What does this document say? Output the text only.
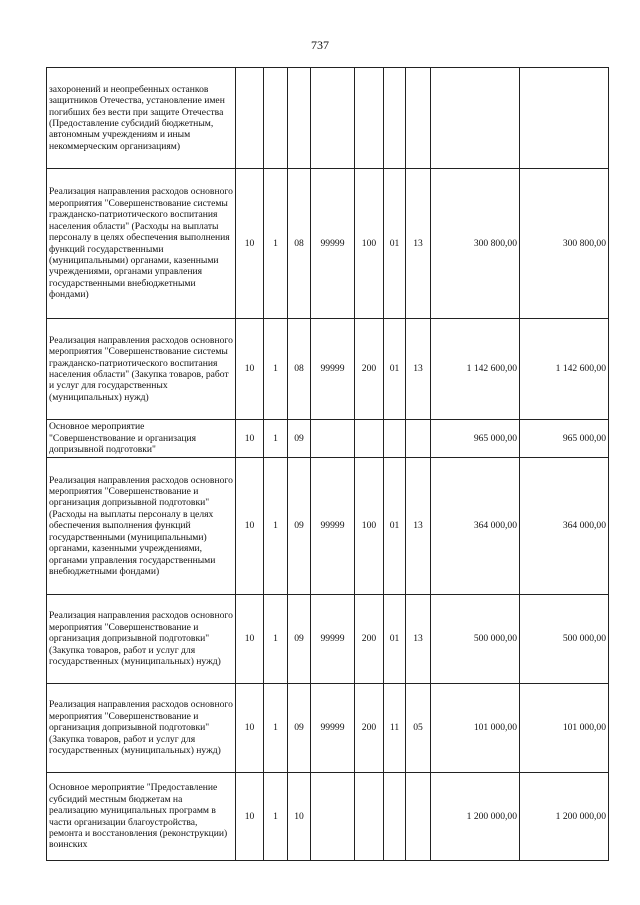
737
захоронений и неопребенных останков защитников Отечества, установление имен погибших без вести при защите Отечества (Предоставление субсидий бюджетным, автономным учреждениям и иным некоммерческим организациям)									
Реализация направления расходов основного мероприятия "Совершенствование системы гражданско-патриотического воспитания населения области" (Расходы на выплаты персоналу в целях обеспечения выполнения функций государственными (муниципальными) органами, казенными учреждениями, органами управления государственными внебюджетными фондами)	10	1	08	99999	100	01	13	300 800,00	300 800,00
Реализация направления расходов основного мероприятия "Совершенствование системы гражданско-патриотического воспитания населения области" (Закупка товаров, работ и услуг для государственных (муниципальных) нужд)	10	1	08	99999	200	01	13	1 142 600,00	1 142 600,00
Основное мероприятие "Совершенствование и организация допризывной подготовки"	10	1	09					965 000,00	965 000,00
Реализация направления расходов основного мероприятия "Совершенствование и организация допризывной подготовки" (Расходы на выплаты персоналу в целях обеспечения выполнения функций государственными (муниципальными) органами, казенными учреждениями, органами управления государственными внебюджетными фондами)	10	1	09	99999	100	01	13	364 000,00	364 000,00
Реализация направления расходов основного мероприятия "Совершенствование и организация допризывной подготовки" (Закупка товаров, работ и услуг для государственных (муниципальных) нужд)	10	1	09	99999	200	01	13	500 000,00	500 000,00
Реализация направления расходов основного мероприятия "Совершенствование и организация допризывной подготовки" (Закупка товаров, работ и услуг для государственных (муниципальных) нужд)	10	1	09	99999	200	11	05	101 000,00	101 000,00
Основное мероприятие "Предоставление субсидий местным бюджетам на реализацию муниципальных программ в части организации благоустройства, ремонта и восстановления (реконструкции) воинских	10	1	10					1 200 000,00	1 200 000,00
